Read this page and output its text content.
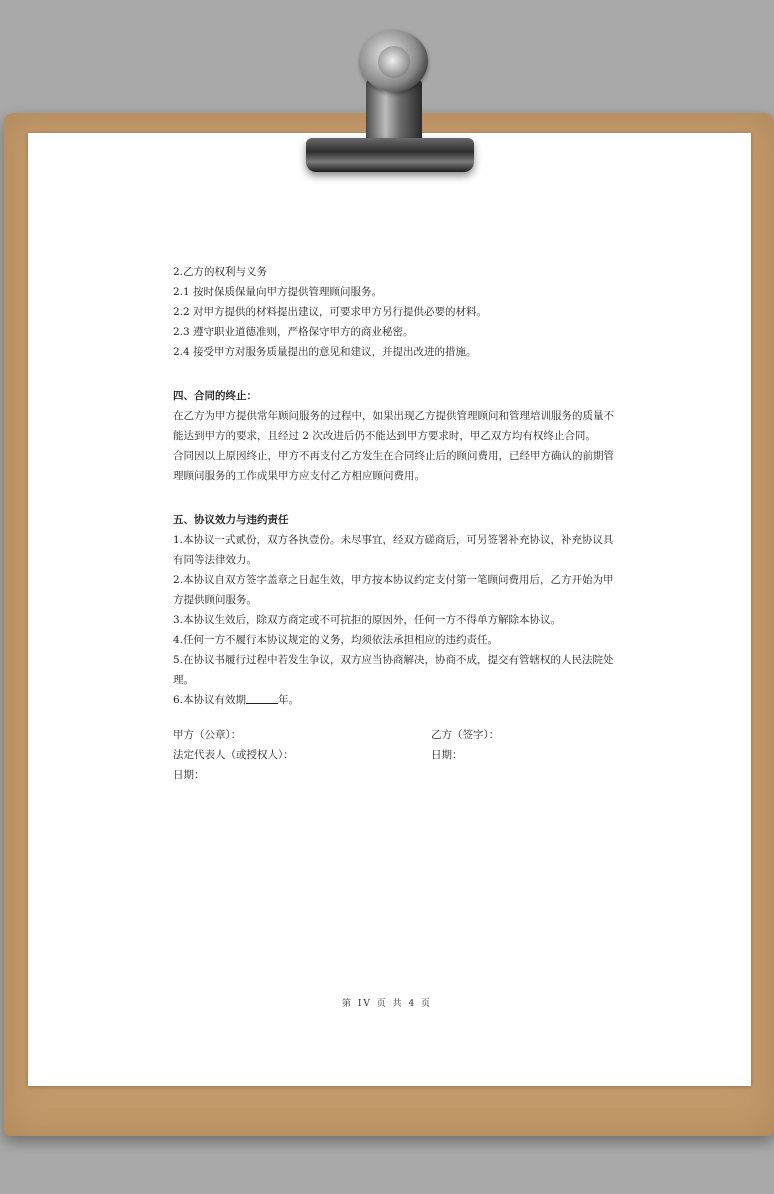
2.乙方的权利与义务

2.1 按时保质保量向甲方提供管理顾问服务。

2.2 对甲方提供的材料提出建议，可要求甲方另行提供必要的材料。

2.3 遵守职业道德准则，严格保守甲方的商业秘密。

2.4 接受甲方对服务质量提出的意见和建议，并提出改进的措施。

四、合同的终止：

在乙方为甲方提供常年顾问服务的过程中，如果出现乙方提供管理顾问和管理培训服务的质量不

能达到甲方的要求，且经过 2 次改进后仍不能达到甲方要求时，甲乙双方均有权终止合同。

合同因以上原因终止，甲方不再支付乙方发生在合同终止后的顾问费用，已经甲方确认的前期管

理顾问服务的工作成果甲方应支付乙方相应顾问费用。

五、协议效力与违约责任

1.本协议一式贰份，双方各执壹份。未尽事宜，经双方磋商后，可另签署补充协议，补充协议具

有同等法律效力。

2.本协议自双方签字盖章之日起生效，甲方按本协议约定支付第一笔顾问费用后，乙方开始为甲

方提供顾问服务。

3.本协议生效后，除双方商定或不可抗拒的原因外，任何一方不得单方解除本协议。

4.任何一方不履行本协议规定的义务，均须依法承担相应的违约责任。

5.在协议书履行过程中若发生争议，双方应当协商解决，协商不成，提交有管辖权的人民法院处

理。

6.本协议有效期	年。

甲方（公章）：

法定代表人（或授权人）：

日期：

乙方（签字）：

日期：

第 IV 页 共 4 页
